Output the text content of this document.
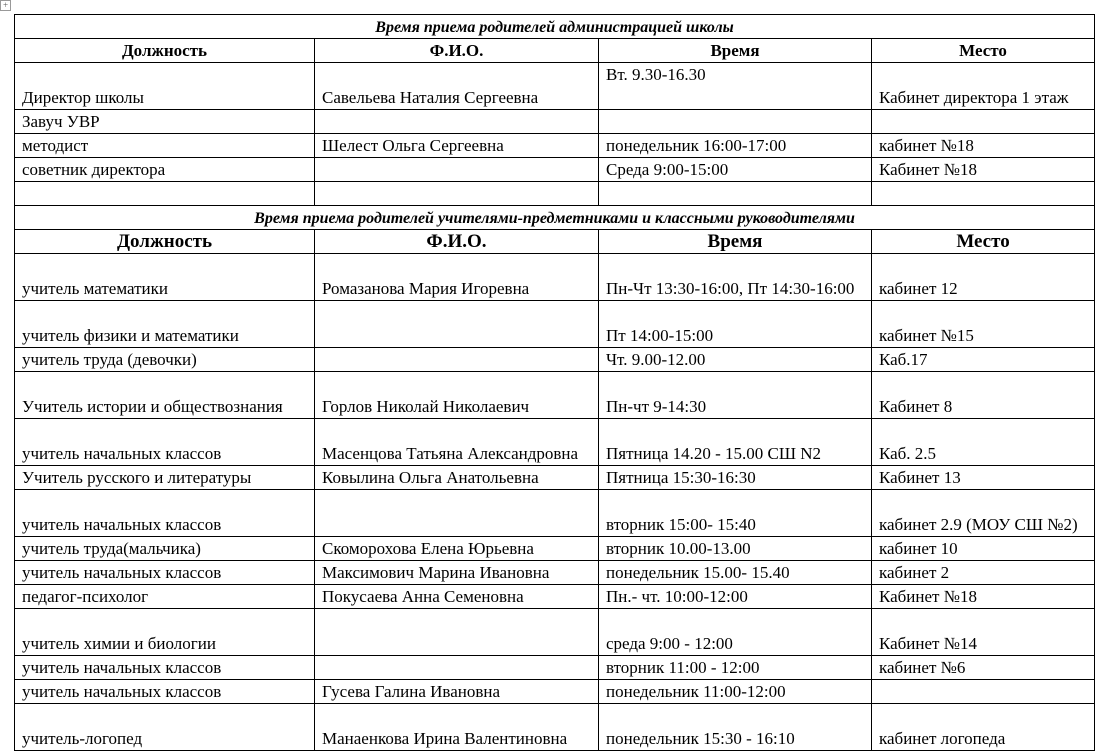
+
Время приема родителей администрацией школы			
Должность	Ф.И.О.	Время	Место
Директор школы	Савельева Наталия Сергеевна	Вт. 9.30-16.30	Кабинет директора 1 этаж
Завуч УВР			
методист	Шелест Ольга Сергеевна	понедельник 16:00-17:00	кабинет №18
советник директора		Среда 9:00-15:00	Кабинет №18

Время приема родителей учителями-предметниками и классными руководителями			
Должность	Ф.И.О.	Время	Место
учитель математики	Ромазанова Мария Игоревна	Пн-Чт 13:30-16:00, Пт 14:30-16:00	кабинет 12
учитель физики и математики		Пт 14:00-15:00	кабинет №15
учитель труда (девочки)		Чт. 9.00-12.00	Каб.17
Учитель истории и обществознания	Горлов Николай Николаевич	Пн-чт 9-14:30	Кабинет 8
учитель начальных классов	Масенцова Татьяна Александровна	Пятница 14.20 - 15.00 СШ N2	Каб. 2.5
Учитель русского и литературы	Ковылина Ольга Анатольевна	Пятница 15:30-16:30	Кабинет 13
учитель начальных классов		вторник 15:00- 15:40	кабинет 2.9 (МОУ СШ №2)
учитель труда(мальчика)	Скоморохова Елена Юрьевна	вторник 10.00-13.00	кабинет 10
учитель начальных классов	Максимович Марина Ивановна	понедельник 15.00- 15.40	кабинет 2
педагог-психолог	Покусаева Анна Семеновна	Пн.- чт. 10:00-12:00	Кабинет №18
учитель химии и биологии		среда 9:00 - 12:00	Кабинет №14
учитель начальных классов		вторник 11:00 - 12:00	кабинет №6
учитель начальных классов	Гусева Галина Ивановна	понедельник 11:00-12:00	
учитель-логопед	Манаенкова Ирина Валентиновна	понедельник 15:30 - 16:10	кабинет логопеда
